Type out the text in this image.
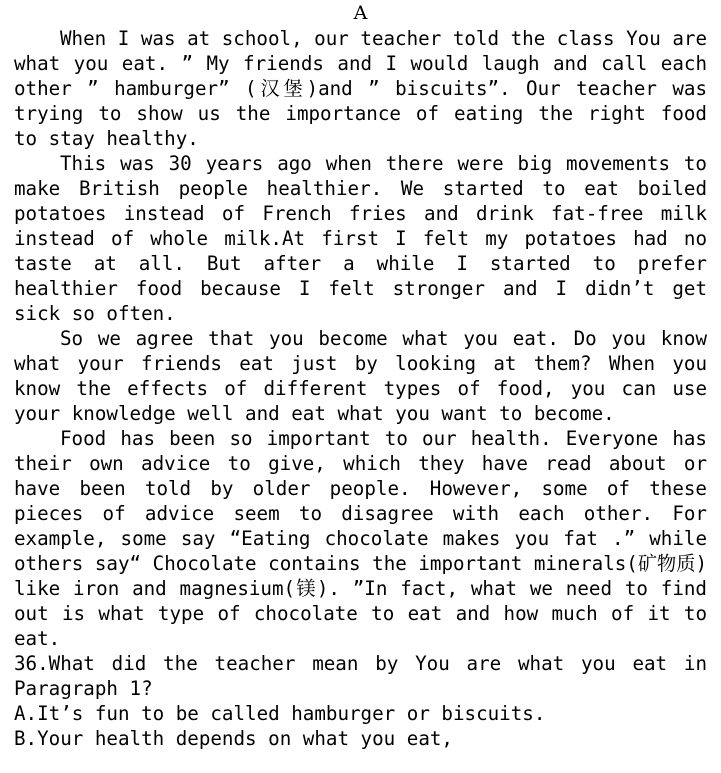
A

When I was at school, our teacher told the class You are what you eat. ” My friends and I would laugh and call each other ” hamburger” (汉堡)and ” biscuits”. Our teacher was trying to show us the importance of eating the right food to stay healthy.

This was 30 years ago when there were big movements to make British people healthier. We started to eat boiled potatoes instead of French fries and drink fat-free milk instead of whole milk.At first I felt my potatoes had no taste at all. But after a while I started to prefer healthier food because I felt stronger and I didn’t get sick so often.

So we agree that you become what you eat. Do you know what your friends eat just by looking at them? When you know the effects of different types of food, you can use your knowledge well and eat what you want to become.

Food has been so important to our health. Everyone has their own advice to give, which they have read about or have been told by older people. However, some of these pieces of advice seem to disagree with each other. For example, some say “Eating chocolate makes you fat .” while others say“ Chocolate contains the important minerals(矿物质) like iron and magnesium(镁). ”In fact, what we need to find out is what type of chocolate to eat and how much of it to eat.

36.What did the teacher mean by You are what you eat in Paragraph 1?

A.It’s fun to be called hamburger or biscuits.

B.Your health depends on what you eat,
